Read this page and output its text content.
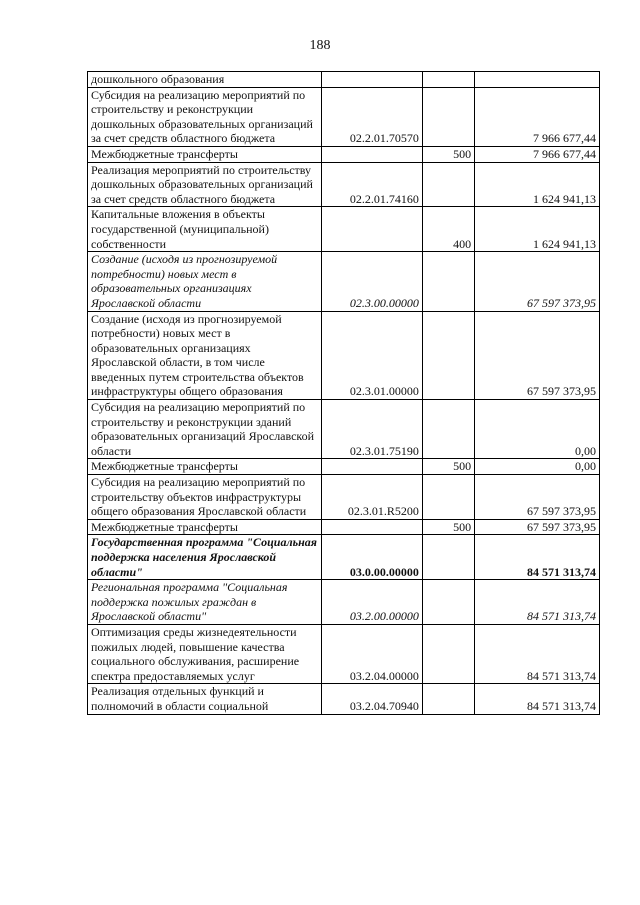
188
дошкольного образования			
Субсидия на реализацию мероприятий по строительству и реконструкции дошкольных образовательных организаций за счет средств областного бюджета	02.2.01.70570		7 966 677,44
Межбюджетные трансферты		500	7 966 677,44
Реализация мероприятий по строительству дошкольных образовательных организаций за счет средств областного бюджета	02.2.01.74160		1 624 941,13
Капитальные вложения в объекты государственной (муниципальной) собственности		400	1 624 941,13
Создание (исходя из прогнозируемой потребности) новых мест в образовательных организациях Ярославской области	02.3.00.00000		67 597 373,95
Создание (исходя из прогнозируемой потребности) новых мест в образовательных организациях Ярославской области, в том числе введенных путем строительства объектов инфраструктуры общего образования	02.3.01.00000		67 597 373,95
Субсидия на реализацию мероприятий по строительству и реконструкции зданий образовательных организаций Ярославской области	02.3.01.75190		0,00
Межбюджетные трансферты		500	0,00
Субсидия на реализацию мероприятий по строительству объектов инфраструктуры общего образования Ярославской области	02.3.01.R5200		67 597 373,95
Межбюджетные трансферты		500	67 597 373,95
Государственная программа "Социальная поддержка населения Ярославской области"	03.0.00.00000		84 571 313,74
Региональная программа "Социальная поддержка пожилых граждан в Ярославской области"	03.2.00.00000		84 571 313,74
Оптимизация среды жизнедеятельности пожилых людей, повышение качества социального обслуживания, расширение спектра предоставляемых услуг	03.2.04.00000		84 571 313,74
Реализация отдельных функций и полномочий в области социальной	03.2.04.70940		84 571 313,74
